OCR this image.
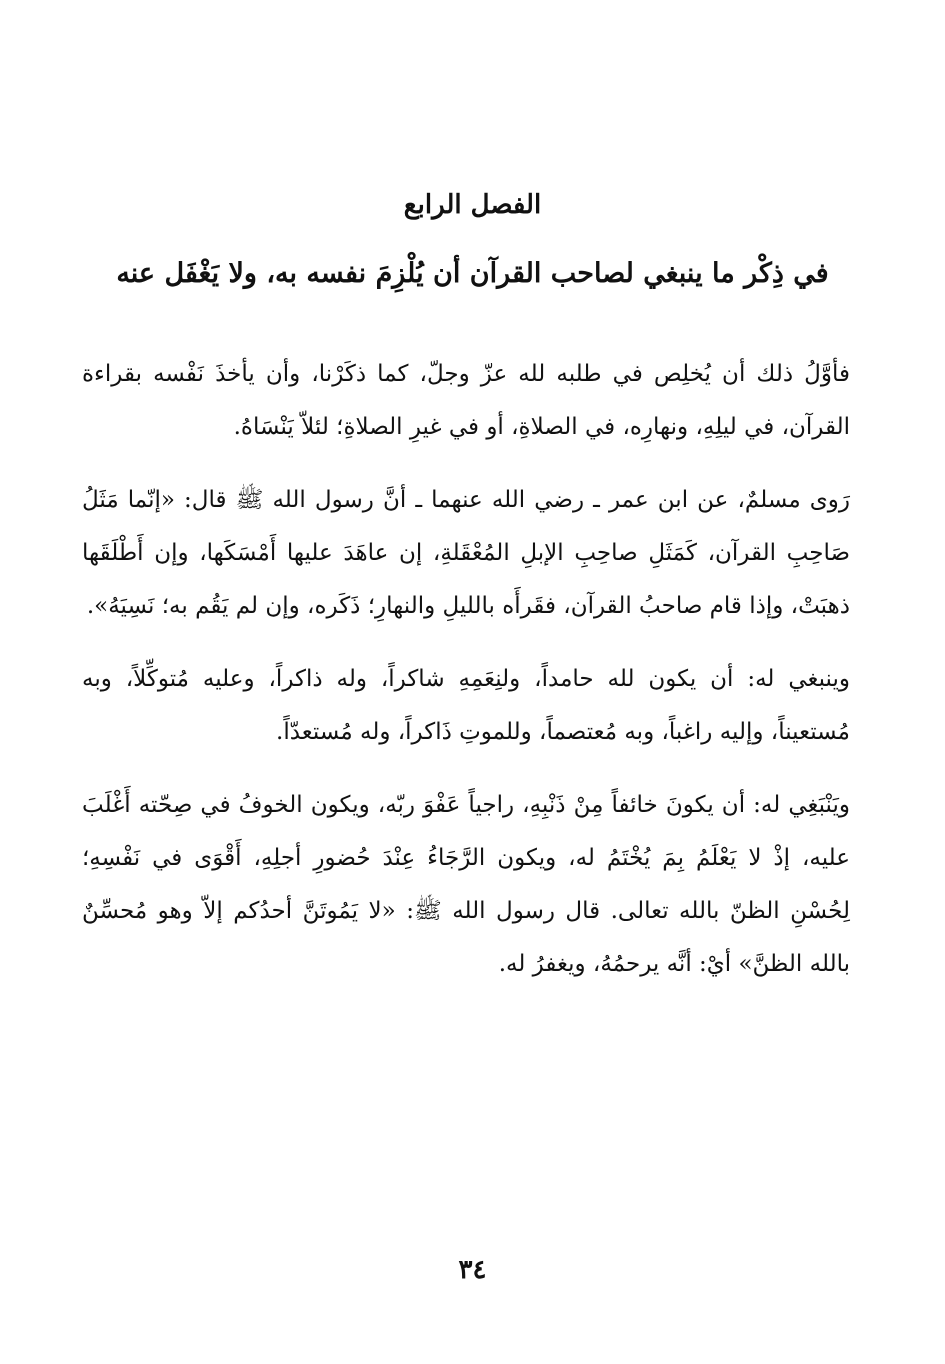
الفصل الرابع
في ذِكْر ما ينبغي لصاحب القرآن أن يُلْزِمَ نفسه به، ولا يَغْفَل عنه

فأوَّلُ ذلك أن يُخلِص في طلبه لله عزّ وجلّ، كما ذكَرْنا، وأن يأخذَ نَفْسه بقراءة القرآن، في ليلِهِ، ونهارِه، في الصلاةِ، أو في غيرِ الصلاةِ؛ لئلاّ يَنْسَاهُ.

رَوى مسلمٌ، عن ابن عمر ـ رضي الله عنهما ـ أنَّ رسول الله ﷺ قال: «إنّما مَثَلُ صَاحِبِ القرآن، كَمَثَلِ صاحِبِ الإبلِ المُعْقَلةِ، إن عاهَدَ عليها أَمْسَكَها، وإن أَطْلَقَها ذهبَتْ، وإذا قام صاحبُ القرآن، فقَرأَه بالليلِ والنهارِ؛ ذَكَره، وإن لم يَقُم به؛ نَسِيَهُ».

وينبغي له: أن يكون لله حامداً، ولنِعَمِهِ شاكراً، وله ذاكراً، وعليه مُتوكِّلاً، وبه مُستعيناً، وإليه راغباً، وبه مُعتصماً، وللموتِ ذَاكراً، وله مُستعدّاً.

ويَنْبَغِي له: أن يكونَ خائفاً مِنْ ذَنْبِهِ، راجياً عَفْوَ ربّه، ويكون الخوفُ في صِحّته أَغْلَبَ عليه، إذْ لا يَعْلَمُ بِمَ يُخْتَمُ له، ويكون الرَّجَاءُ عِنْدَ حُضورِ أجلِهِ، أَقْوَى في نَفْسِهِ؛ لِحُسْنِ الظنّ بالله تعالى. قال رسول الله ﷺ: «لا يَمُوتَنَّ أحدُكم إلاّ وهو مُحسِّنٌ بالله الظنَّ» أيْ: أنَّه يرحمُهُ، ويغفرُ له.

٣٤
